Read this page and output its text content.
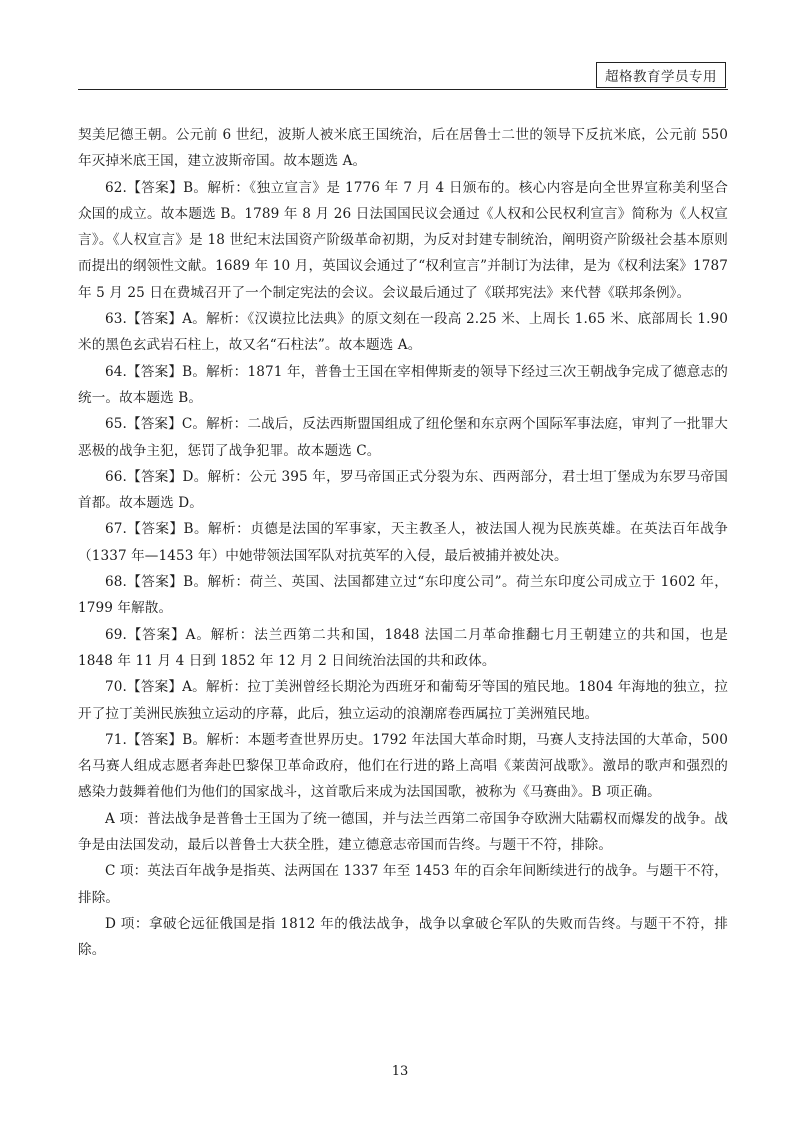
超格教育学员专用

契美尼德王朝。公元前 6 世纪，波斯人被米底王国统治，后在居鲁士二世的领导下反抗米底，公元前 550 年灭掉米底王国，建立波斯帝国。故本题选 A。

62.【答案】B。解析：《独立宣言》是 1776 年 7 月 4 日颁布的。核心内容是向全世界宣称美利坚合众国的成立。故本题选 B。1789 年 8 月 26 日法国国民议会通过《人权和公民权利宣言》简称为《人权宣言》。《人权宣言》是 18 世纪末法国资产阶级革命初期，为反对封建专制统治，阐明资产阶级社会基本原则而提出的纲领性文献。1689 年 10 月，英国议会通过了“权利宣言”并制订为法律，是为《权利法案》1787 年 5 月 25 日在费城召开了一个制定宪法的会议。会议最后通过了《联邦宪法》来代替《联邦条例》。

63.【答案】A。解析：《汉谟拉比法典》的原文刻在一段高 2.25 米、上周长 1.65 米、底部周长 1.90 米的黑色玄武岩石柱上，故又名“石柱法”。故本题选 A。

64.【答案】B。解析：1871 年，普鲁士王国在宰相俾斯麦的领导下经过三次王朝战争完成了德意志的统一。故本题选 B。

65.【答案】C。解析：二战后，反法西斯盟国组成了纽伦堡和东京两个国际军事法庭，审判了一批罪大恶极的战争主犯，惩罚了战争犯罪。故本题选 C。

66.【答案】D。解析：公元 395 年，罗马帝国正式分裂为东、西两部分，君士坦丁堡成为东罗马帝国首都。故本题选 D。

67.【答案】B。解析：贞德是法国的军事家，天主教圣人，被法国人视为民族英雄。在英法百年战争（1337 年—1453 年）中她带领法国军队对抗英军的入侵，最后被捕并被处决。

68.【答案】B。解析：荷兰、英国、法国都建立过“东印度公司”。荷兰东印度公司成立于 1602 年，1799 年解散。

69.【答案】A。解析：法兰西第二共和国，1848 法国二月革命推翻七月王朝建立的共和国，也是 1848 年 11 月 4 日到 1852 年 12 月 2 日间统治法国的共和政体。

70.【答案】A。解析：拉丁美洲曾经长期沦为西班牙和葡萄牙等国的殖民地。1804 年海地的独立，拉开了拉丁美洲民族独立运动的序幕，此后，独立运动的浪潮席卷西属拉丁美洲殖民地。

71.【答案】B。解析：本题考查世界历史。1792 年法国大革命时期，马赛人支持法国的大革命，500 名马赛人组成志愿者奔赴巴黎保卫革命政府，他们在行进的路上高唱《莱茵河战歌》。激昂的歌声和强烈的感染力鼓舞着他们为他们的国家战斗，这首歌后来成为法国国歌，被称为《马赛曲》。B 项正确。

A 项：普法战争是普鲁士王国为了统一德国，并与法兰西第二帝国争夺欧洲大陆霸权而爆发的战争。战争是由法国发动，最后以普鲁士大获全胜，建立德意志帝国而告终。与题干不符，排除。

C 项：英法百年战争是指英、法两国在 1337 年至 1453 年的百余年间断续进行的战争。与题干不符，排除。

D 项：拿破仑远征俄国是指 1812 年的俄法战争，战争以拿破仑军队的失败而告终。与题干不符，排除。

13
